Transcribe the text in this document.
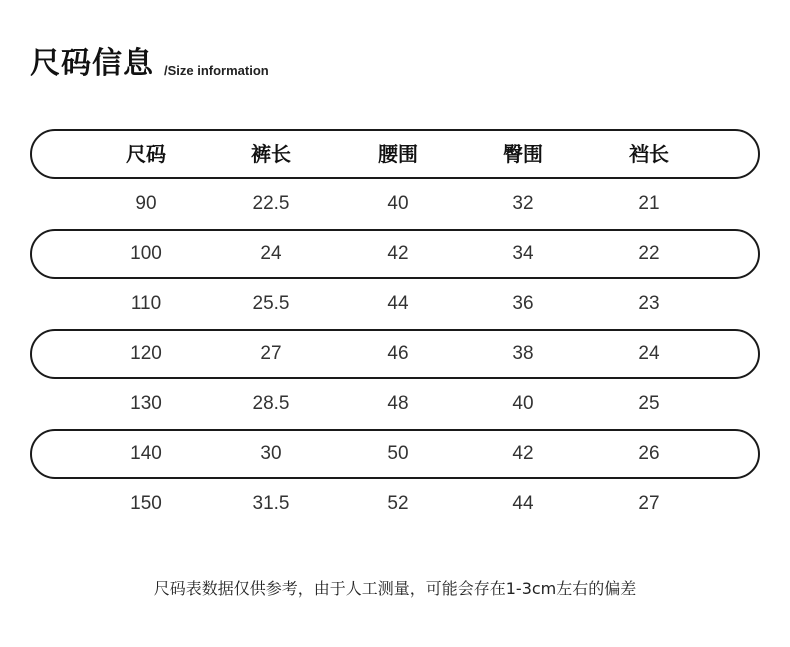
尺码信息 /Size information
尺码	裤长	腰围	臀围	裆长
90	22.5	40	32	21
100	24	42	34	22
110	25.5	44	36	23
120	27	46	38	24
130	28.5	48	40	25
140	30	50	42	26
150	31.5	52	44	27
尺码表数据仅供参考，由于人工测量，可能会存在1-3cm左右的偏差
